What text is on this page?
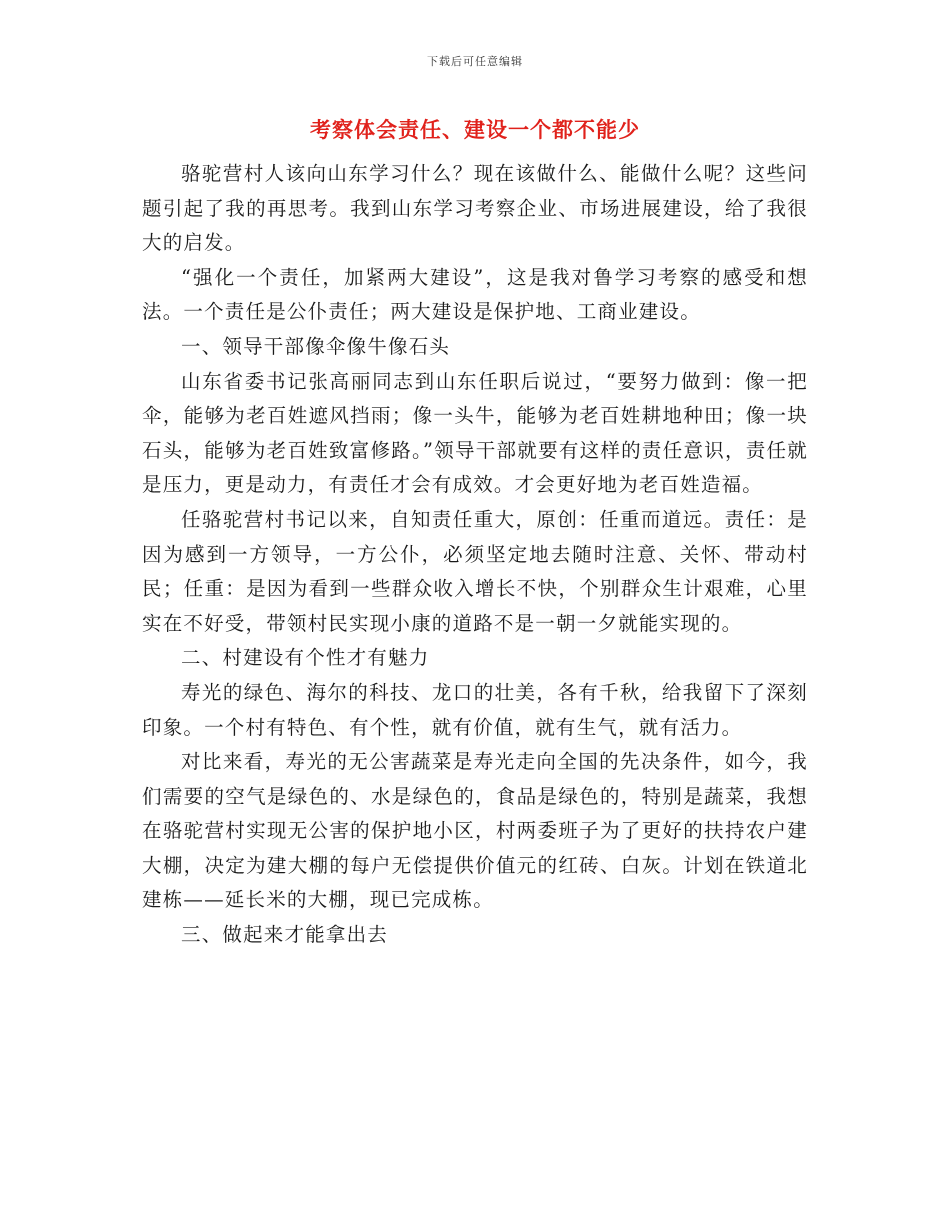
下载后可任意编辑
考察体会责任、建设一个都不能少

骆驼营村人该向山东学习什么？现在该做什么、能做什么呢？这些问题引起了我的再思考。我到山东学习考察企业、市场进展建设，给了我很大的启发。

“强化一个责任，加紧两大建设”，这是我对鲁学习考察的感受和想法。一个责任是公仆责任；两大建设是保护地、工商业建设。

一、领导干部像伞像牛像石头

山东省委书记张高丽同志到山东任职后说过，“要努力做到：像一把伞，能够为老百姓遮风挡雨；像一头牛，能够为老百姓耕地种田；像一块石头，能够为老百姓致富修路。”领导干部就要有这样的责任意识，责任就是压力，更是动力，有责任才会有成效。才会更好地为老百姓造福。

任骆驼营村书记以来，自知责任重大，原创：任重而道远。责任：是因为感到一方领导，一方公仆，必须坚定地去随时注意、关怀、带动村民；任重：是因为看到一些群众收入增长不快，个别群众生计艰难，心里实在不好受，带领村民实现小康的道路不是一朝一夕就能实现的。

二、村建设有个性才有魅力

寿光的绿色、海尔的科技、龙口的壮美，各有千秋，给我留下了深刻印象。一个村有特色、有个性，就有价值，就有生气，就有活力。

对比来看，寿光的无公害蔬菜是寿光走向全国的先决条件，如今，我们需要的空气是绿色的、水是绿色的，食品是绿色的，特别是蔬菜，我想在骆驼营村实现无公害的保护地小区，村两委班子为了更好的扶持农户建大棚，决定为建大棚的每户无偿提供价值元的红砖、白灰。计划在铁道北建栋——延长米的大棚，现已完成栋。

三、做起来才能拿出去
